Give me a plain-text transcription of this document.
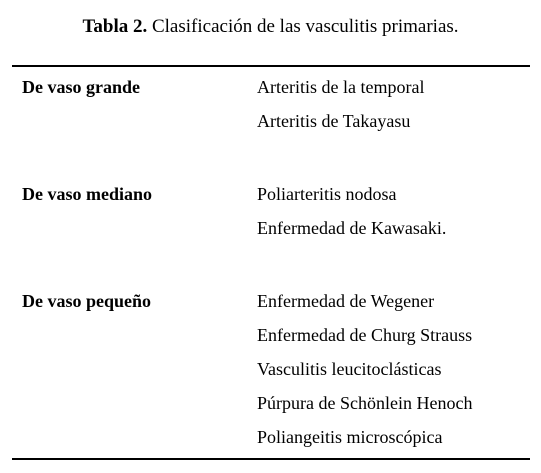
Tabla 2. Clasificación de las vasculitis primarias.
De vaso grande	Arteritis de la temporal
Arteritis de Takayasu
De vaso mediano	Poliarteritis nodosa
Enfermedad de Kawasaki.
De vaso pequeño	Enfermedad de Wegener
Enfermedad de Churg Strauss
Vasculitis leucitoclásticas
Púrpura de Schönlein Henoch
Poliangeitis microscópica
